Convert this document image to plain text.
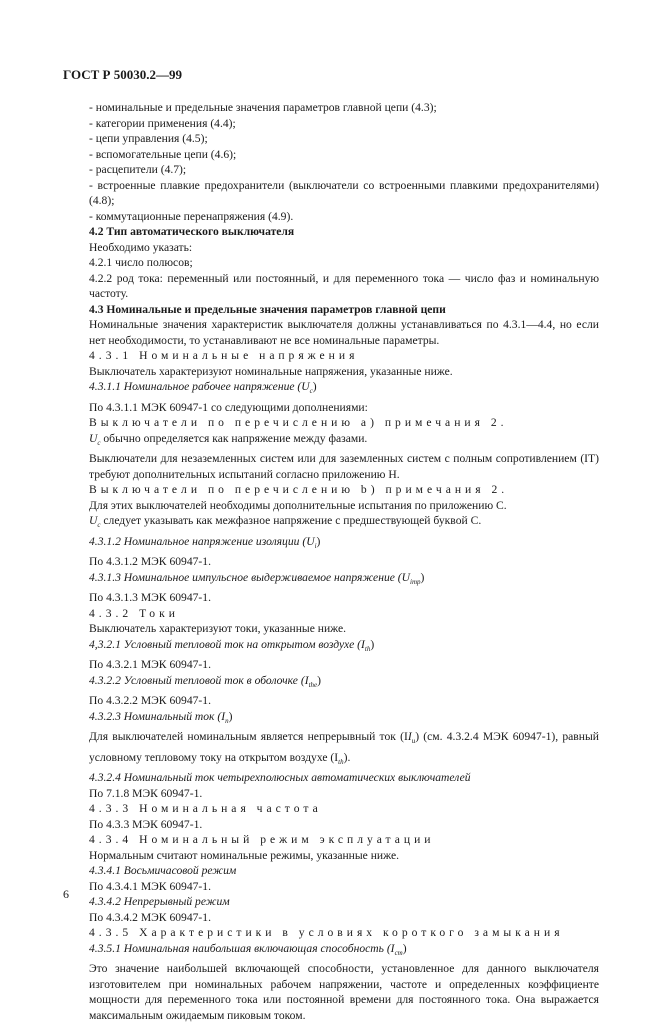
ГОСТ Р 50030.2—99
- номинальные и предельные значения параметров главной цепи (4.3);
- категории применения (4.4);
- цепи управления (4.5);
- вспомогательные цепи (4.6);
- расцепители (4.7);
- встроенные плавкие предохранители (выключатели со встроенными плавкими предохранителями) (4.8);
- коммутационные перенапряжения (4.9).
4.2 Тип автоматического выключателя
Необходимо указать:
4.2.1 число полюсов;
4.2.2 род тока: переменный или постоянный, и для переменного тока — число фаз и номинальную частоту.
4.3 Номинальные и предельные значения параметров главной цепи
Номинальные значения характеристик выключателя должны устанавливаться по 4.3.1—4.4, но если нет необходимости, то устанавливают не все номинальные параметры.
4.3.1 Номинальные напряжения
Выключатель характеризуют номинальные напряжения, указанные ниже.
4.3.1.1 Номинальное рабочее напряжение $(U_c)$
По 4.3.1.1 МЭК 60947-1 со следующими дополнениями:
Выключатели по перечислению а) примечания 2.
$U_c$ обычно определяется как напряжение между фазами.
Выключатели для незаземленных систем или для заземленных систем с полным сопротивлением (IT) требуют дополнительных испытаний согласно приложению Н.
Выключатели по перечислению b) примечания 2.
Для этих выключателей необходимы дополнительные испытания по приложению С.
$U_c$ следует указывать как межфазное напряжение с предшествующей буквой С.
4.3.1.2 Номинальное напряжение изоляции $(U_i)$
По 4.3.1.2 МЭК 60947-1.
4.3.1.3 Номинальное импульсное выдерживаемое напряжение $(U_{imp})$
По 4.3.1.3 МЭК 60947-1.
4.3.2 Токи
Выключатель характеризуют токи, указанные ниже.
4,3.2.1 Условный тепловой ток на открытом воздухе $(I_{th})$
По 4.3.2.1 МЭК 60947-1.
4.3.2.2 Условный тепловой ток в оболочке $(I_{the})$
По 4.3.2.2 МЭК 60947-1.
4.3.2.3 Номинальный ток $(I_n)$
Для выключателей номинальным является непрерывный ток $(II_u)$ (см. 4.3.2.4 МЭК 60947-1), равный условному тепловому току на открытом воздухе $(I_{th})$.
4.3.2.4 Номинальный ток четырехполюсных автоматических выключателей
По 7.1.8 МЭК 60947-1.
4.3.3 Номинальная частота
По 4.3.3 МЭК 60947-1.
4.3.4 Номинальный режим эксплуатации
Нормальным считают номинальные режимы, указанные ниже.
4.3.4.1 Восьмичасовой режим
По 4.3.4.1 МЭК 60947-1.
4.3.4.2 Непрерывный режим
По 4.3.4.2 МЭК 60947-1.
4.3.5 Характеристики в условиях короткого замыкания
4.3.5.1 Номинальная наибольшая включающая способность $(I_{cm})$
Это значение наибольшей включающей способности, установленное для данного выключателя изготовителем при номинальных рабочем напряжении, частоте и определенных коэффициенте мощности для переменного тока или постоянной времени для постоянного тока. Она выражается максимальным ожидаемым пиковым током.
6
